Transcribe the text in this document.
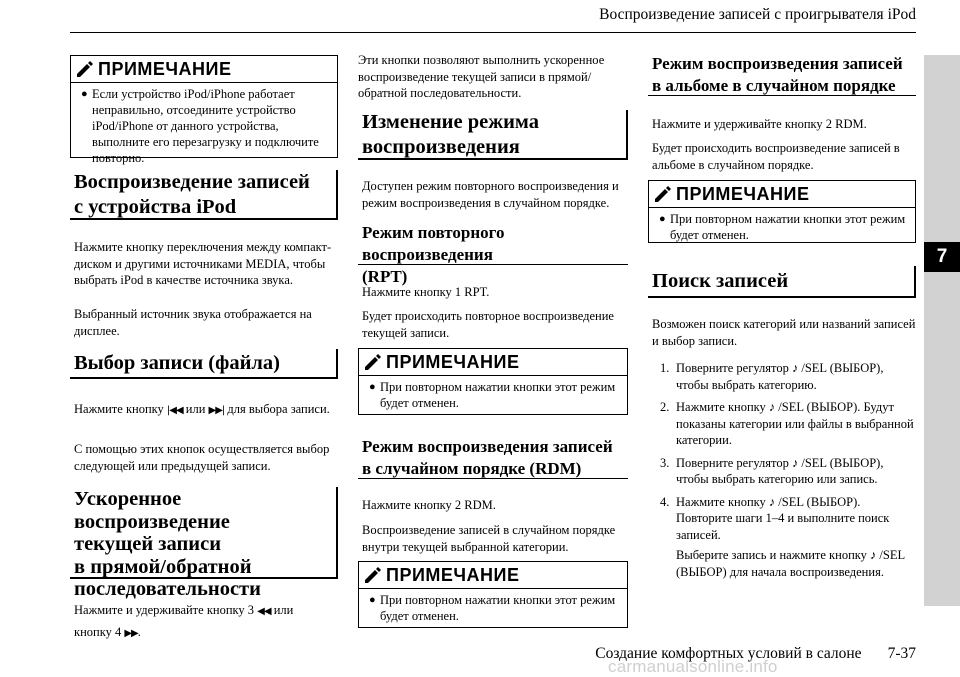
Воспроизведение записей с проигрывателя iPod
7
Создание комфортных условий в салоне 7-37
carmanualsonline.info
ПРИМЕЧАНИЕ
● Если устройство iPod/iPhone работает неправильно, отсоедините устройство iPod/iPhone от данного устройства, выполните его перезагрузку и подключите повторно.
Воспроизведение записей
с устройства iPod
Нажмите кнопку переключения между компакт-диском и другими источниками MEDIA, чтобы выбрать iPod в качестве источника звука.
Выбранный источник звука отображается на дисплее.
Выбор записи (файла)
Нажмите кнопку |◀◀ или ▶▶| для выбора записи.
С помощью этих кнопок осуществляется выбор следующей или предыдущей записи.
Ускоренное воспроизведение
текущей записи
в прямой/обратной
последовательности
Нажмите и удерживайте кнопку 3 ◀◀ или
кнопку 4 ▶▶.
Эти кнопки позволяют выполнить ускоренное воспроизведение текущей записи в прямой/обратной последовательности.
Изменение режима
воспроизведения
Доступен режим повторного воспроизведения и режим воспроизведения в случайном порядке.
Режим повторного воспроизведения
(RPT)
Нажмите кнопку 1 RPT.
Будет происходить повторное воспроизведение текущей записи.
ПРИМЕЧАНИЕ
● При повторном нажатии кнопки этот режим будет отменен.
Режим воспроизведения записей
в случайном порядке (RDM)
Нажмите кнопку 2 RDM.
Воспроизведение записей в случайном порядке внутри текущей выбранной категории.
ПРИМЕЧАНИЕ
● При повторном нажатии кнопки этот режим будет отменен.
Режим воспроизведения записей
в альбоме в случайном порядке
Нажмите и удерживайте кнопку 2 RDM.
Будет происходить воспроизведение записей в альбоме в случайном порядке.
ПРИМЕЧАНИЕ
● При повторном нажатии кнопки этот режим будет отменен.
Поиск записей
Возможен поиск категорий или названий записей и выбор записи.
1. Поверните регулятор ♪ /SEL (ВЫБОР), чтобы выбрать категорию.
2. Нажмите кнопку ♪ /SEL (ВЫБОР). Будут показаны категории или файлы в выбранной категории.
3. Поверните регулятор ♪ /SEL (ВЫБОР), чтобы выбрать категорию или запись.
4. Нажмите кнопку ♪ /SEL (ВЫБОР). Повторите шаги 1–4 и выполните поиск записей.
Выберите запись и нажмите кнопку ♪ /SEL (ВЫБОР) для начала воспроизведения.
